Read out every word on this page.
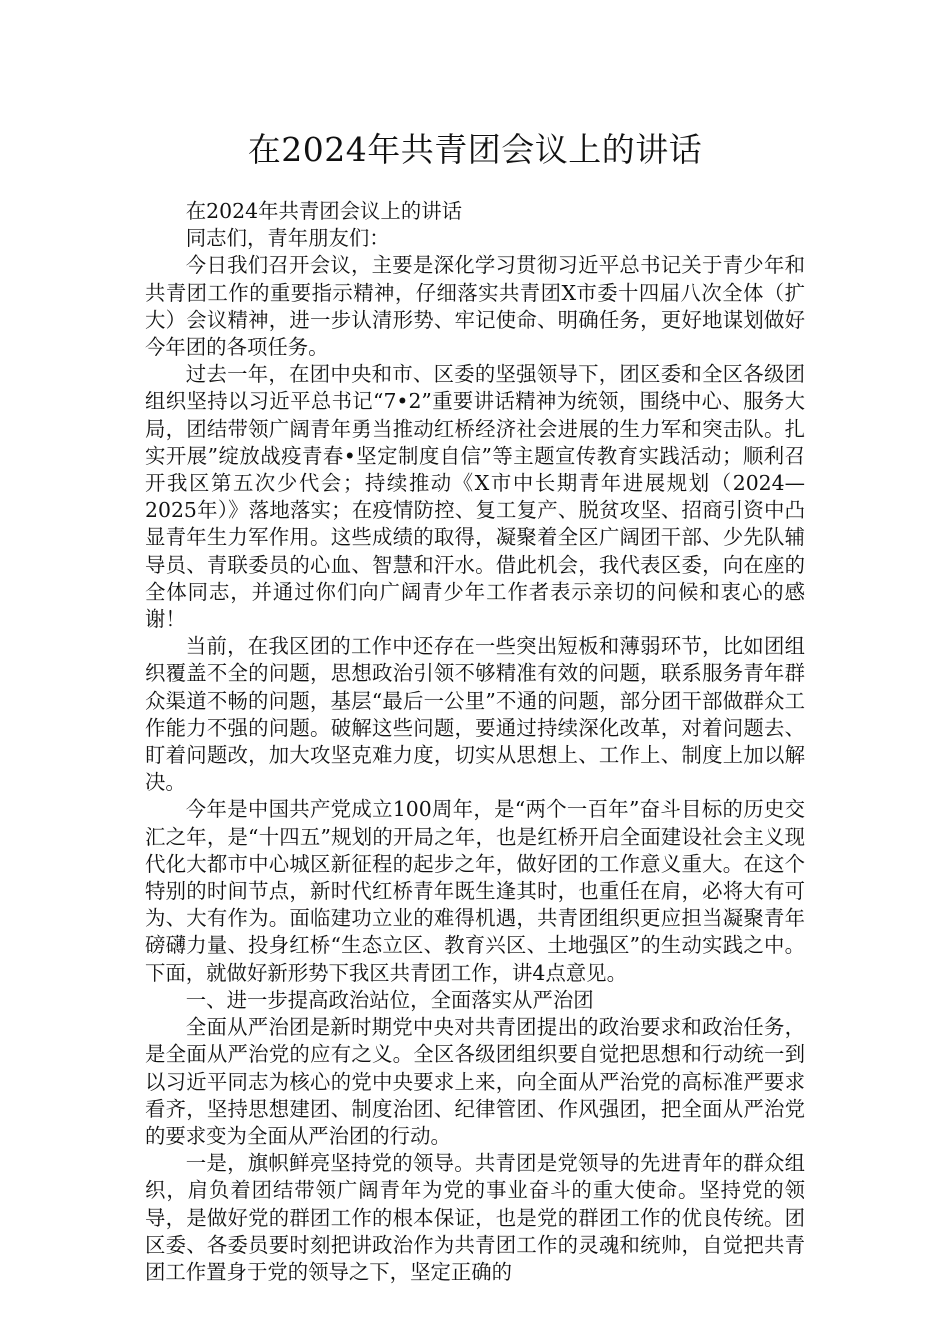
在2024年共青团会议上的讲话

在2024年共青团会议上的讲话

同志们，青年朋友们：

今日我们召开会议，主要是深化学习贯彻习近平总书记关于青少年和共青团工作的重要指示精神，仔细落实共青团X市委十四届八次全体（扩大）会议精神，进一步认清形势、牢记使命、明确任务，更好地谋划做好今年团的各项任务。

过去一年，在团中央和市、区委的坚强领导下，团区委和全区各级团组织坚持以习近平总书记“7•2”重要讲话精神为统领，围绕中心、服务大局，团结带领广阔青年勇当推动红桥经济社会进展的生力军和突击队。扎实开展”绽放战疫青春•坚定制度自信”等主题宣传教育实践活动；顺利召开我区第五次少代会；持续推动《X市中长期青年进展规划（2024—2025年）》落地落实；在疫情防控、复工复产、脱贫攻坚、招商引资中凸显青年生力军作用。这些成绩的取得，凝聚着全区广阔团干部、少先队辅导员、青联委员的心血、智慧和汗水。借此机会，我代表区委，向在座的全体同志，并通过你们向广阔青少年工作者表示亲切的问候和衷心的感谢！

当前，在我区团的工作中还存在一些突出短板和薄弱环节，比如团组织覆盖不全的问题，思想政治引领不够精准有效的问题，联系服务青年群众渠道不畅的问题，基层“最后一公里”不通的问题，部分团干部做群众工作能力不强的问题。破解这些问题，要通过持续深化改革，对着问题去、盯着问题改，加大攻坚克难力度，切实从思想上、工作上、制度上加以解决。

今年是中国共产党成立100周年，是“两个一百年”奋斗目标的历史交汇之年，是“十四五”规划的开局之年，也是红桥开启全面建设社会主义现代化大都市中心城区新征程的起步之年，做好团的工作意义重大。在这个特别的时间节点，新时代红桥青年既生逢其时，也重任在肩，必将大有可为、大有作为。面临建功立业的难得机遇，共青团组织更应担当凝聚青年磅礴力量、投身红桥“生态立区、教育兴区、土地强区”的生动实践之中。下面，就做好新形势下我区共青团工作，讲4点意见。

一、进一步提高政治站位，全面落实从严治团

全面从严治团是新时期党中央对共青团提出的政治要求和政治任务，是全面从严治党的应有之义。全区各级团组织要自觉把思想和行动统一到以习近平同志为核心的党中央要求上来，向全面从严治党的高标准严要求看齐，坚持思想建团、制度治团、纪律管团、作风强团，把全面从严治党的要求变为全面从严治团的行动。

一是，旗帜鲜亮坚持党的领导。共青团是党领导的先进青年的群众组织，肩负着团结带领广阔青年为党的事业奋斗的重大使命。坚持党的领导，是做好党的群团工作的根本保证，也是党的群团工作的优良传统。团区委、各委员要时刻把讲政治作为共青团工作的灵魂和统帅，自觉把共青团工作置身于党的领导之下，坚定正确的
